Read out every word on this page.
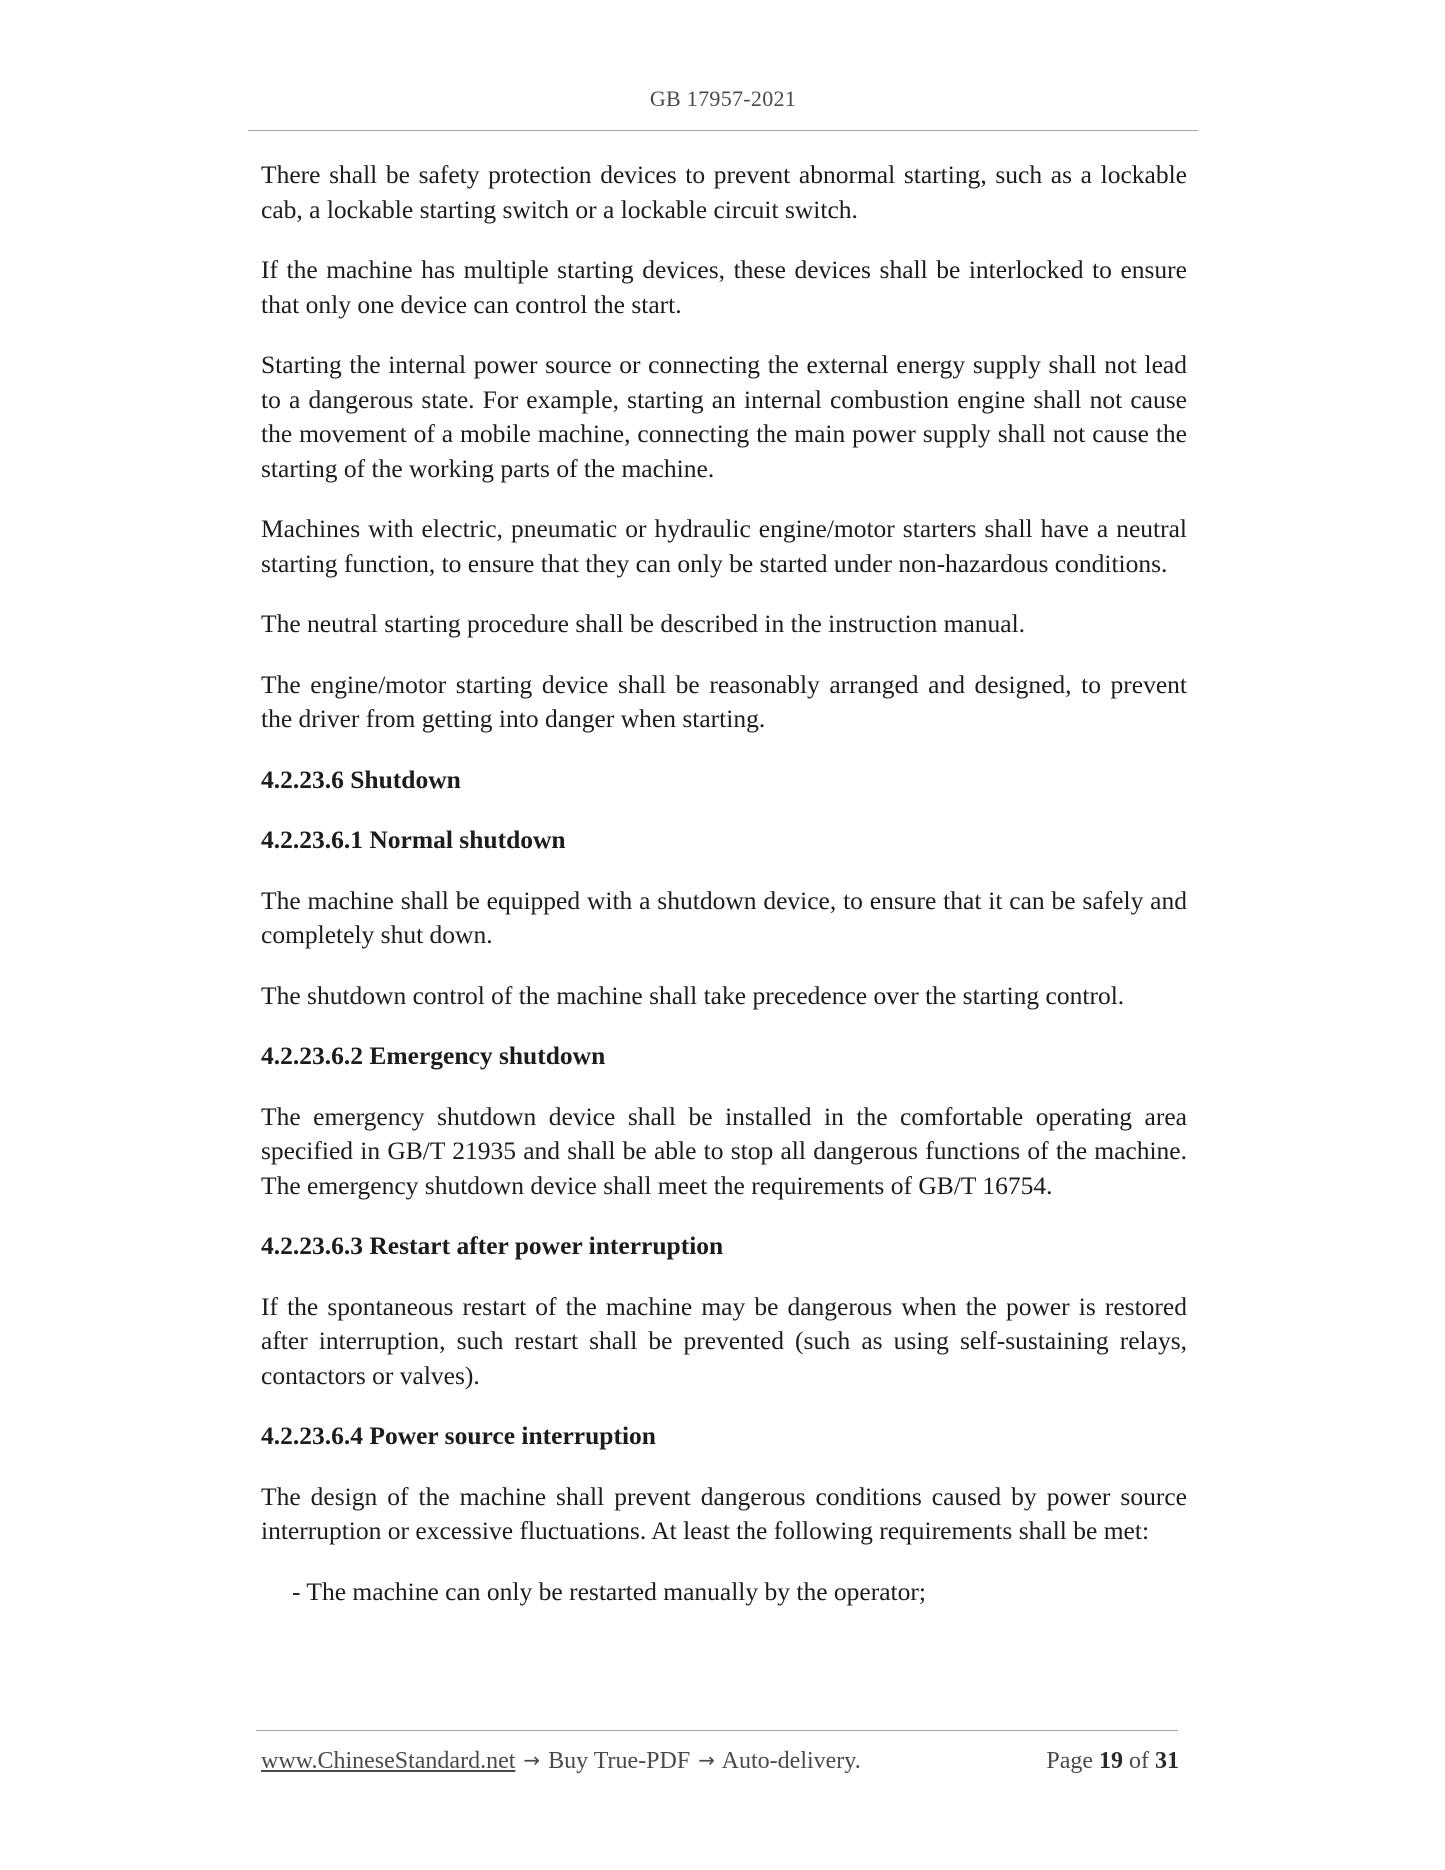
GB 17957-2021

There shall be safety protection devices to prevent abnormal starting, such as a lockable cab, a lockable starting switch or a lockable circuit switch.

If the machine has multiple starting devices, these devices shall be interlocked to ensure that only one device can control the start.

Starting the internal power source or connecting the external energy supply shall not lead to a dangerous state. For example, starting an internal combustion engine shall not cause the movement of a mobile machine, connecting the main power supply shall not cause the starting of the working parts of the machine.

Machines with electric, pneumatic or hydraulic engine/motor starters shall have a neutral starting function, to ensure that they can only be started under non-hazardous conditions.

The neutral starting procedure shall be described in the instruction manual.

The engine/motor starting device shall be reasonably arranged and designed, to prevent the driver from getting into danger when starting.

4.2.23.6 Shutdown
4.2.23.6.1 Normal shutdown

The machine shall be equipped with a shutdown device, to ensure that it can be safely and completely shut down.

The shutdown control of the machine shall take precedence over the starting control.

4.2.23.6.2 Emergency shutdown

The emergency shutdown device shall be installed in the comfortable operating area specified in GB/T 21935 and shall be able to stop all dangerous functions of the machine. The emergency shutdown device shall meet the requirements of GB/T 16754.

4.2.23.6.3 Restart after power interruption

If the spontaneous restart of the machine may be dangerous when the power is restored after interruption, such restart shall be prevented (such as using self-sustaining relays, contactors or valves).

4.2.23.6.4 Power source interruption

The design of the machine shall prevent dangerous conditions caused by power source interruption or excessive fluctuations. At least the following requirements shall be met:

- The machine can only be restarted manually by the operator;

www.ChineseStandard.net → Buy True-PDF → Auto-delivery.	Page 19 of 31
